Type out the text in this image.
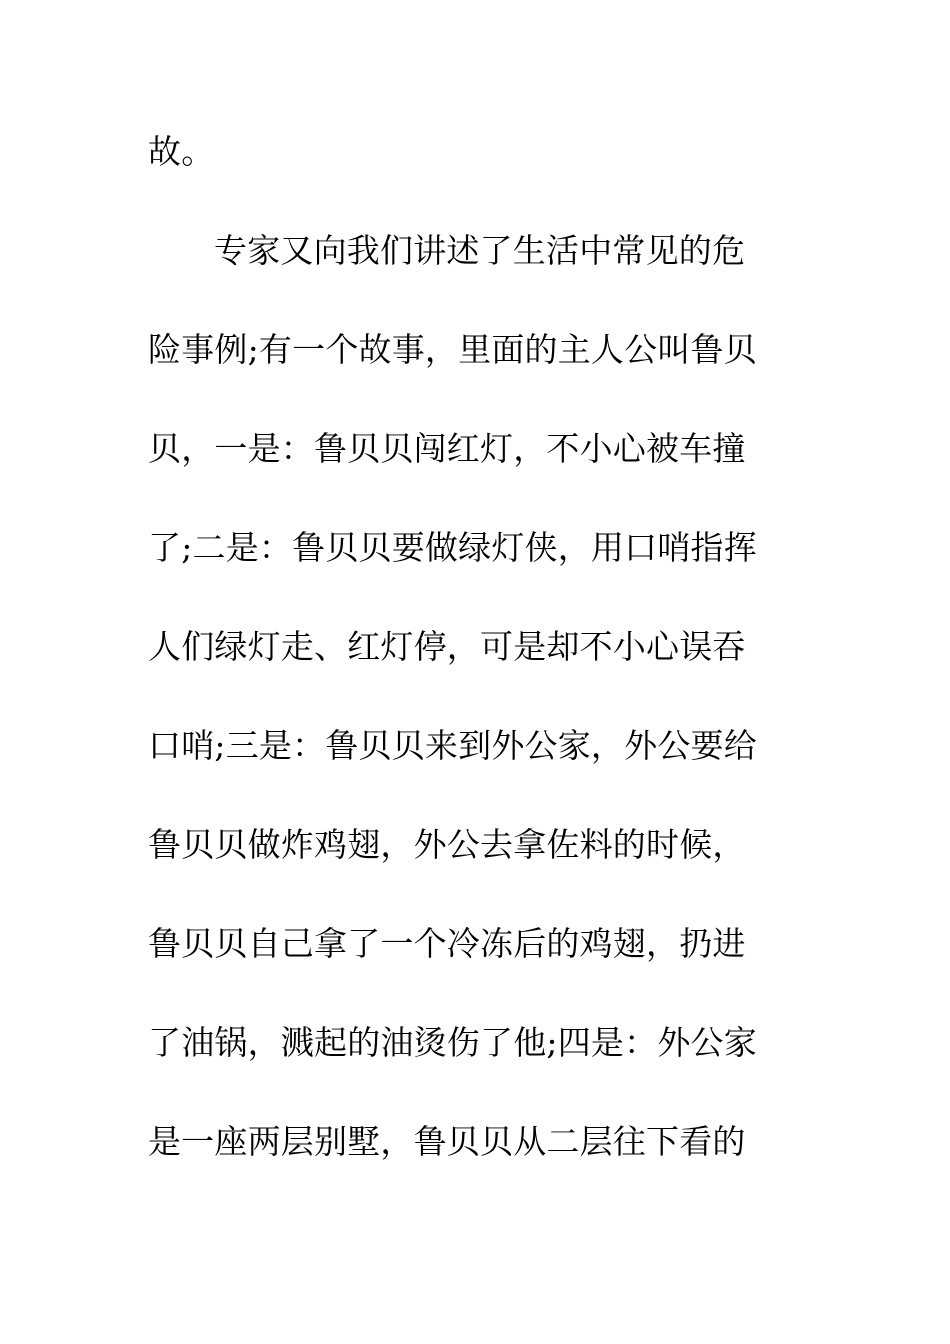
故。
专家又向我们讲述了生活中常见的危
险事例;有一个故事，里面的主人公叫鲁贝
贝，一是：鲁贝贝闯红灯，不小心被车撞
了;二是：鲁贝贝要做绿灯侠，用口哨指挥
人们绿灯走、红灯停，可是却不小心误吞
口哨;三是：鲁贝贝来到外公家，外公要给
鲁贝贝做炸鸡翅，外公去拿佐料的时候，
鲁贝贝自己拿了一个冷冻后的鸡翅，扔进
了油锅，溅起的油烫伤了他;四是：外公家
是一座两层别墅，鲁贝贝从二层往下看的
